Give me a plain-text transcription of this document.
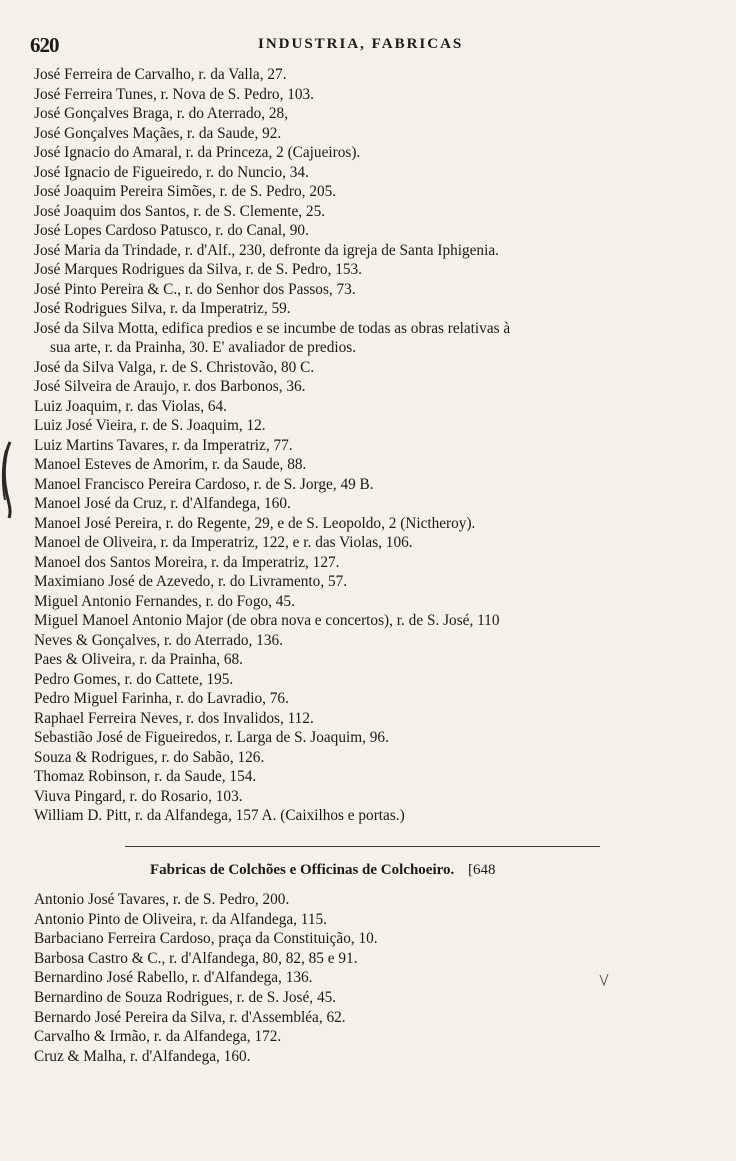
620	INDUSTRIA, FABRICAS
José Ferreira de Carvalho, r. da Valla, 27.
José Ferreira Tunes, r. Nova de S. Pedro, 103.
José Gonçalves Braga, r. do Aterrado, 28,
José Gonçalves Maçães, r. da Saude, 92.
José Ignacio do Amaral, r. da Princeza, 2 (Cajueiros).
José Ignacio de Figueiredo, r. do Nuncio, 34.
José Joaquim Pereira Simões, r. de S. Pedro, 205.
José Joaquim dos Santos, r. de S. Clemente, 25.
José Lopes Cardoso Patusco, r. do Canal, 90.
José Maria da Trindade, r. d'Alf., 230, defronte da igreja de Santa Iphigenia.
José Marques Rodrigues da Silva, r. de S. Pedro, 153.
José Pinto Pereira & C., r. do Senhor dos Passos, 73.
José Rodrigues Silva, r. da Imperatriz, 59.
José da Silva Motta, edifica predios e se incumbe de todas as obras relativas à
sua arte, r. da Prainha, 30. E' avaliador de predios.
José da Silva Valga, r. de S. Christovão, 80 C.
José Silveira de Araujo, r. dos Barbonos, 36.
Luiz Joaquim, r. das Violas, 64.
Luiz José Vieira, r. de S. Joaquim, 12.
Luiz Martins Tavares, r. da Imperatriz, 77.
Manoel Esteves de Amorim, r. da Saude, 88.
Manoel Francisco Pereira Cardoso, r. de S. Jorge, 49 B.
Manoel José da Cruz, r. d'Alfandega, 160.
Manoel José Pereira, r. do Regente, 29, e de S. Leopoldo, 2 (Nictheroy).
Manoel de Oliveira, r. da Imperatriz, 122, e r. das Violas, 106.
Manoel dos Santos Moreira, r. da Imperatriz, 127.
Maximiano José de Azevedo, r. do Livramento, 57.
Miguel Antonio Fernandes, r. do Fogo, 45.
Miguel Manoel Antonio Major (de obra nova e concertos), r. de S. José, 110
Neves & Gonçalves, r. do Aterrado, 136.
Paes & Oliveira, r. da Prainha, 68.
Pedro Gomes, r. do Cattete, 195.
Pedro Miguel Farinha, r. do Lavradio, 76.
Raphael Ferreira Neves, r. dos Invalidos, 112.
Sebastião José de Figueiredos, r. Larga de S. Joaquim, 96.
Souza & Rodrigues, r. do Sabão, 126.
Thomaz Robinson, r. da Saude, 154.
Viuva Pingard, r. do Rosario, 103.
William D. Pitt, r. da Alfandega, 157 A. (Caixilhos e portas.)
Fabricas de Colchões e Officinas de Colchoeiro. [648
Antonio José Tavares, r. de S. Pedro, 200.
Antonio Pinto de Oliveira, r. da Alfandega, 115.
Barbaciano Ferreira Cardoso, praça da Constituição, 10.
Barbosa Castro & C., r. d'Alfandega, 80, 82, 85 e 91.
Bernardino José Rabello, r. d'Alfandega, 136.
Bernardino de Souza Rodrigues, r. de S. José, 45.
Bernardo José Pereira da Silva, r. d'Assembléa, 62.
Carvalho & Irmão, r. da Alfandega, 172.
Cruz & Malha, r. d'Alfandega, 160.
